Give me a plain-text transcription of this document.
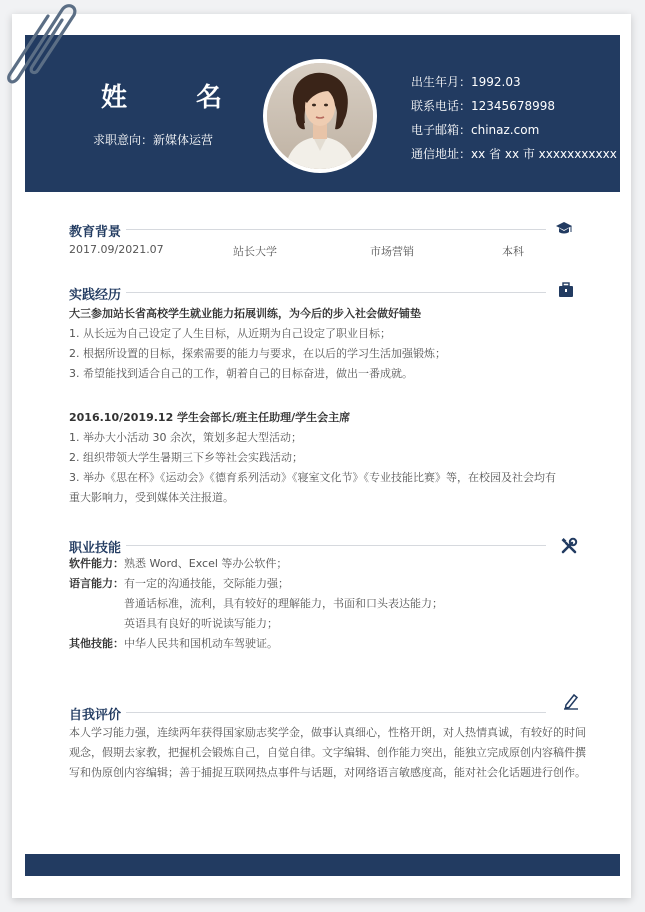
姓 名
求职意向：新媒体运营
出生年月：1992.03
联系电话：12345678998
电子邮箱：chinaz.com
通信地址：xx 省 xx 市 xxxxxxxxxxx
教育背景
2017.09/2021.07	站长大学	市场营销	本科
实践经历
大三参加站长省高校学生就业能力拓展训练，为今后的步入社会做好铺垫
1. 从长远为自己设定了人生目标，从近期为自己设定了职业目标；
2. 根据所设置的目标，探索需要的能力与要求，在以后的学习生活加强锻炼；
3. 希望能找到适合自己的工作，朝着自己的目标奋进，做出一番成就。
2016.10/2019.12 学生会部长/班主任助理/学生会主席
1. 举办大小活动 30 余次，策划多起大型活动；
2. 组织带领大学生暑期三下乡等社会实践活动；
3. 举办《思在杯》《运动会》《德育系列活动》《寝室文化节》《专业技能比赛》等，在校园及社会均有
重大影响力，受到媒体关注报道。
职业技能
软件能力：熟悉 Word、Excel 等办公软件；
语言能力：有一定的沟通技能，交际能力强；
普通话标准，流利，具有较好的理解能力，书面和口头表达能力；
英语具有良好的听说读写能力；
其他技能：中华人民共和国机动车驾驶证。
自我评价
本人学习能力强，连续两年获得国家励志奖学金，做事认真细心，性格开朗，对人热情真诚，有较好的时间
观念，假期去家教，把握机会锻炼自己，自觉自律。文字编辑、创作能力突出，能独立完成原创内容稿件撰
写和伪原创内容编辑；善于捕捉互联网热点事件与话题，对网络语言敏感度高，能对社会化话题进行创作。
